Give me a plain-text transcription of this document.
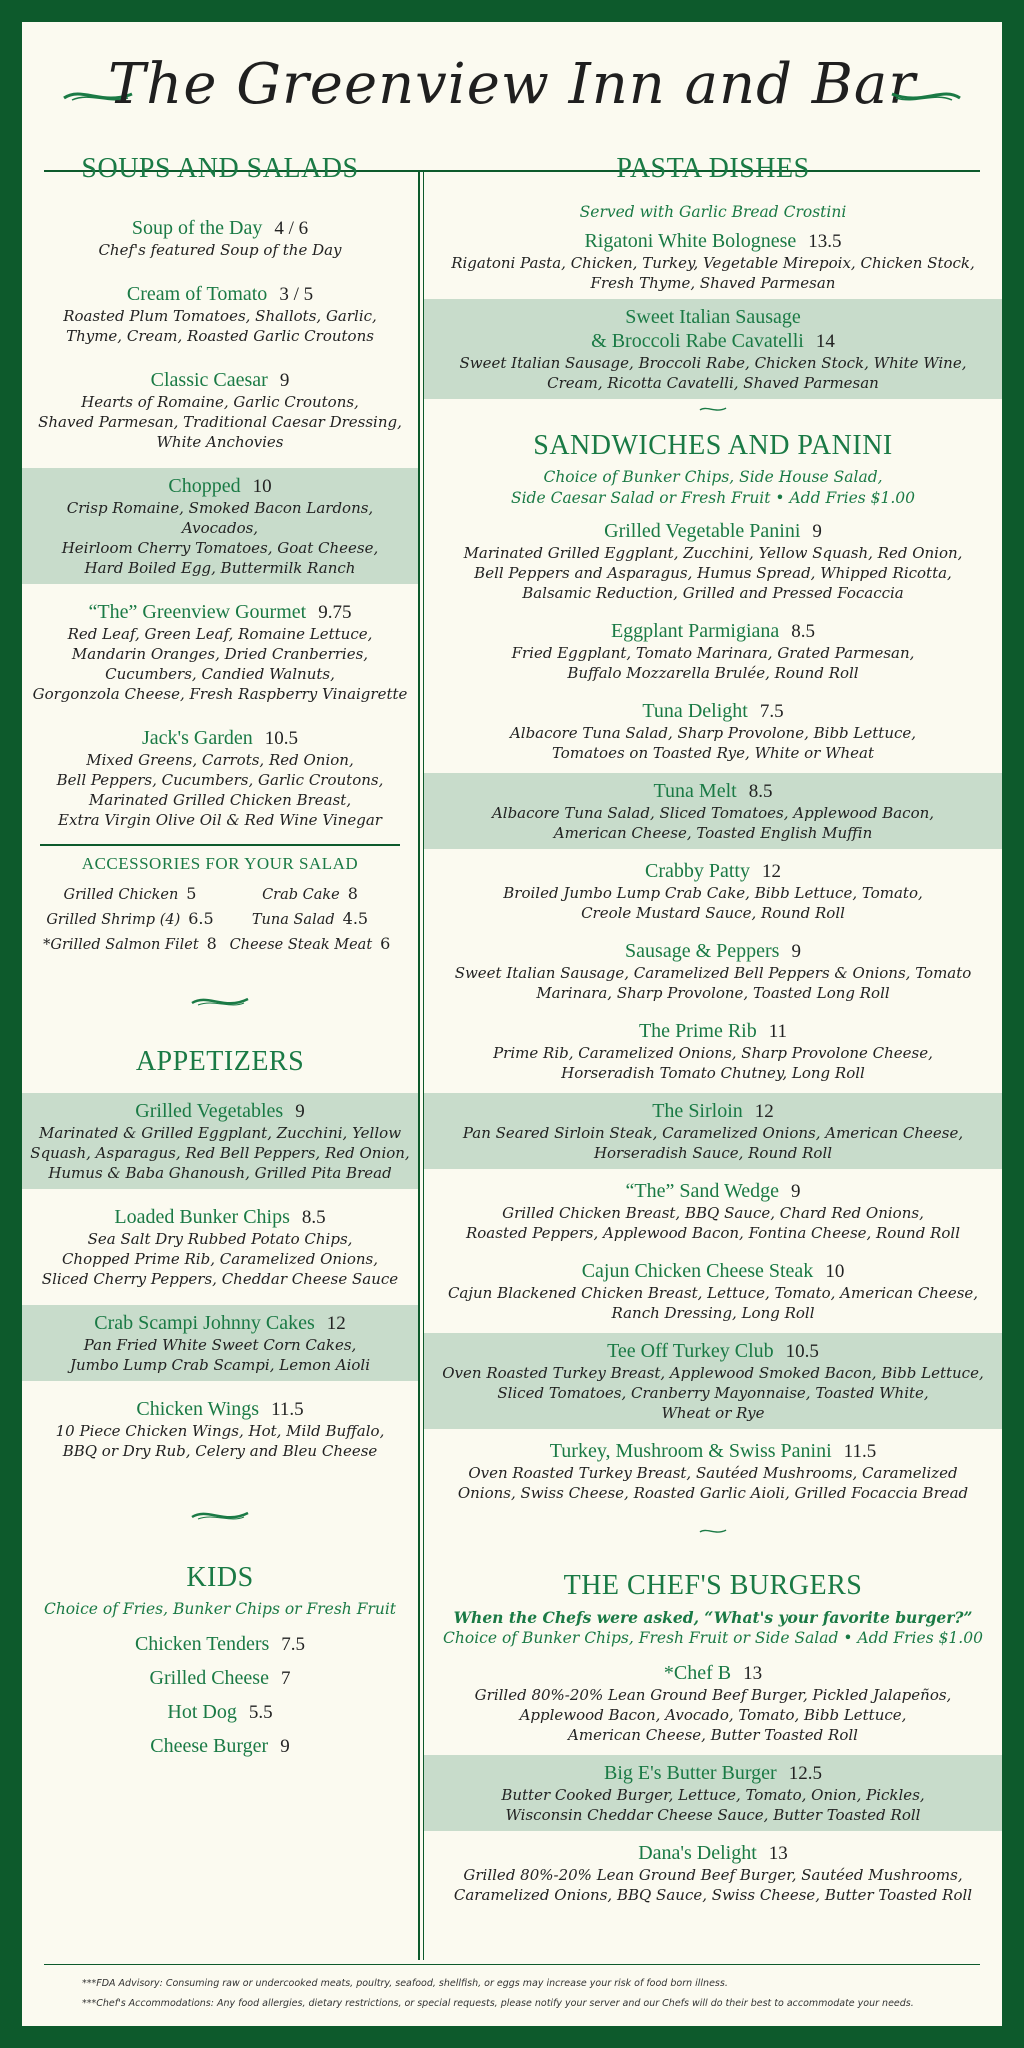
The Greenview Inn and Bar
SOUPS AND SALADS
Soup of the Day 4 / 6
Chef's featured Soup of the Day
Cream of Tomato 3 / 5
Roasted Plum Tomatoes, Shallots, Garlic,
Thyme, Cream, Roasted Garlic Croutons
Classic Caesar 9
Hearts of Romaine, Garlic Croutons,
Shaved Parmesan, Traditional Caesar Dressing,
White Anchovies
Chopped 10
Crisp Romaine, Smoked Bacon Lardons, Avocados,
Heirloom Cherry Tomatoes, Goat Cheese,
Hard Boiled Egg, Buttermilk Ranch
“The” Greenview Gourmet 9.75
Red Leaf, Green Leaf, Romaine Lettuce,
Mandarin Oranges, Dried Cranberries,
Cucumbers, Candied Walnuts,
Gorgonzola Cheese, Fresh Raspberry Vinaigrette
Jack's Garden 10.5
Mixed Greens, Carrots, Red Onion,
Bell Peppers, Cucumbers, Garlic Croutons,
Marinated Grilled Chicken Breast,
Extra Virgin Olive Oil & Red Wine Vinegar
ACCESSORIES FOR YOUR SALAD
Grilled Chicken 5	Crab Cake 8
Grilled Shrimp (4) 6.5	Tuna Salad 4.5
*Grilled Salmon Filet 8 Cheese Steak Meat 6
APPETIZERS
Grilled Vegetables 9
Marinated & Grilled Eggplant, Zucchini, Yellow
Squash, Asparagus, Red Bell Peppers, Red Onion,
Humus & Baba Ghanoush, Grilled Pita Bread
Loaded Bunker Chips 8.5
Sea Salt Dry Rubbed Potato Chips,
Chopped Prime Rib, Caramelized Onions,
Sliced Cherry Peppers, Cheddar Cheese Sauce
Crab Scampi Johnny Cakes 12
Pan Fried White Sweet Corn Cakes,
Jumbo Lump Crab Scampi, Lemon Aioli
Chicken Wings 11.5
10 Piece Chicken Wings, Hot, Mild Buffalo,
BBQ or Dry Rub, Celery and Bleu Cheese
KIDS
Choice of Fries, Bunker Chips or Fresh Fruit
Chicken Tenders 7.5
Grilled Cheese 7
Hot Dog 5.5
Cheese Burger 9
PASTA DISHES
Served with Garlic Bread Crostini
Rigatoni White Bolognese 13.5
Rigatoni Pasta, Chicken, Turkey, Vegetable Mirepoix, Chicken Stock,
Fresh Thyme, Shaved Parmesan
Sweet Italian Sausage
& Broccoli Rabe Cavatelli 14
Sweet Italian Sausage, Broccoli Rabe, Chicken Stock, White Wine,
Cream, Ricotta Cavatelli, Shaved Parmesan
SANDWICHES AND PANINI
Choice of Bunker Chips, Side House Salad,
Side Caesar Salad or Fresh Fruit • Add Fries $1.00
Grilled Vegetable Panini 9
Marinated Grilled Eggplant, Zucchini, Yellow Squash, Red Onion,
Bell Peppers and Asparagus, Humus Spread, Whipped Ricotta,
Balsamic Reduction, Grilled and Pressed Focaccia
Eggplant Parmigiana 8.5
Fried Eggplant, Tomato Marinara, Grated Parmesan,
Buffalo Mozzarella Brulée, Round Roll
Tuna Delight 7.5
Albacore Tuna Salad, Sharp Provolone, Bibb Lettuce,
Tomatoes on Toasted Rye, White or Wheat
Tuna Melt 8.5
Albacore Tuna Salad, Sliced Tomatoes, Applewood Bacon,
American Cheese, Toasted English Muffin
Crabby Patty 12
Broiled Jumbo Lump Crab Cake, Bibb Lettuce, Tomato,
Creole Mustard Sauce, Round Roll
Sausage & Peppers 9
Sweet Italian Sausage, Caramelized Bell Peppers & Onions, Tomato
Marinara, Sharp Provolone, Toasted Long Roll
The Prime Rib 11
Prime Rib, Caramelized Onions, Sharp Provolone Cheese,
Horseradish Tomato Chutney, Long Roll
The Sirloin 12
Pan Seared Sirloin Steak, Caramelized Onions, American Cheese,
Horseradish Sauce, Round Roll
“The” Sand Wedge 9
Grilled Chicken Breast, BBQ Sauce, Chard Red Onions,
Roasted Peppers, Applewood Bacon, Fontina Cheese, Round Roll
Cajun Chicken Cheese Steak 10
Cajun Blackened Chicken Breast, Lettuce, Tomato, American Cheese,
Ranch Dressing, Long Roll
Tee Off Turkey Club 10.5
Oven Roasted Turkey Breast, Applewood Smoked Bacon, Bibb Lettuce,
Sliced Tomatoes, Cranberry Mayonnaise, Toasted White,
Wheat or Rye
Turkey, Mushroom & Swiss Panini 11.5
Oven Roasted Turkey Breast, Sautéed Mushrooms, Caramelized
Onions, Swiss Cheese, Roasted Garlic Aioli, Grilled Focaccia Bread
THE CHEF'S BURGERS
When the Chefs were asked, “What's your favorite burger?”
Choice of Bunker Chips, Fresh Fruit or Side Salad • Add Fries $1.00
*Chef B 13
Grilled 80%-20% Lean Ground Beef Burger, Pickled Jalapeños,
Applewood Bacon, Avocado, Tomato, Bibb Lettuce,
American Cheese, Butter Toasted Roll
Big E's Butter Burger 12.5
Butter Cooked Burger, Lettuce, Tomato, Onion, Pickles,
Wisconsin Cheddar Cheese Sauce, Butter Toasted Roll
Dana's Delight 13
Grilled 80%-20% Lean Ground Beef Burger, Sautéed Mushrooms,
Caramelized Onions, BBQ Sauce, Swiss Cheese, Butter Toasted Roll
***FDA Advisory: Consuming raw or undercooked meats, poultry, seafood, shellfish, or eggs may increase your risk of food born illness.
***Chef's Accommodations: Any food allergies, dietary restrictions, or special requests, please notify your server and our Chefs will do their best to accommodate your needs.
